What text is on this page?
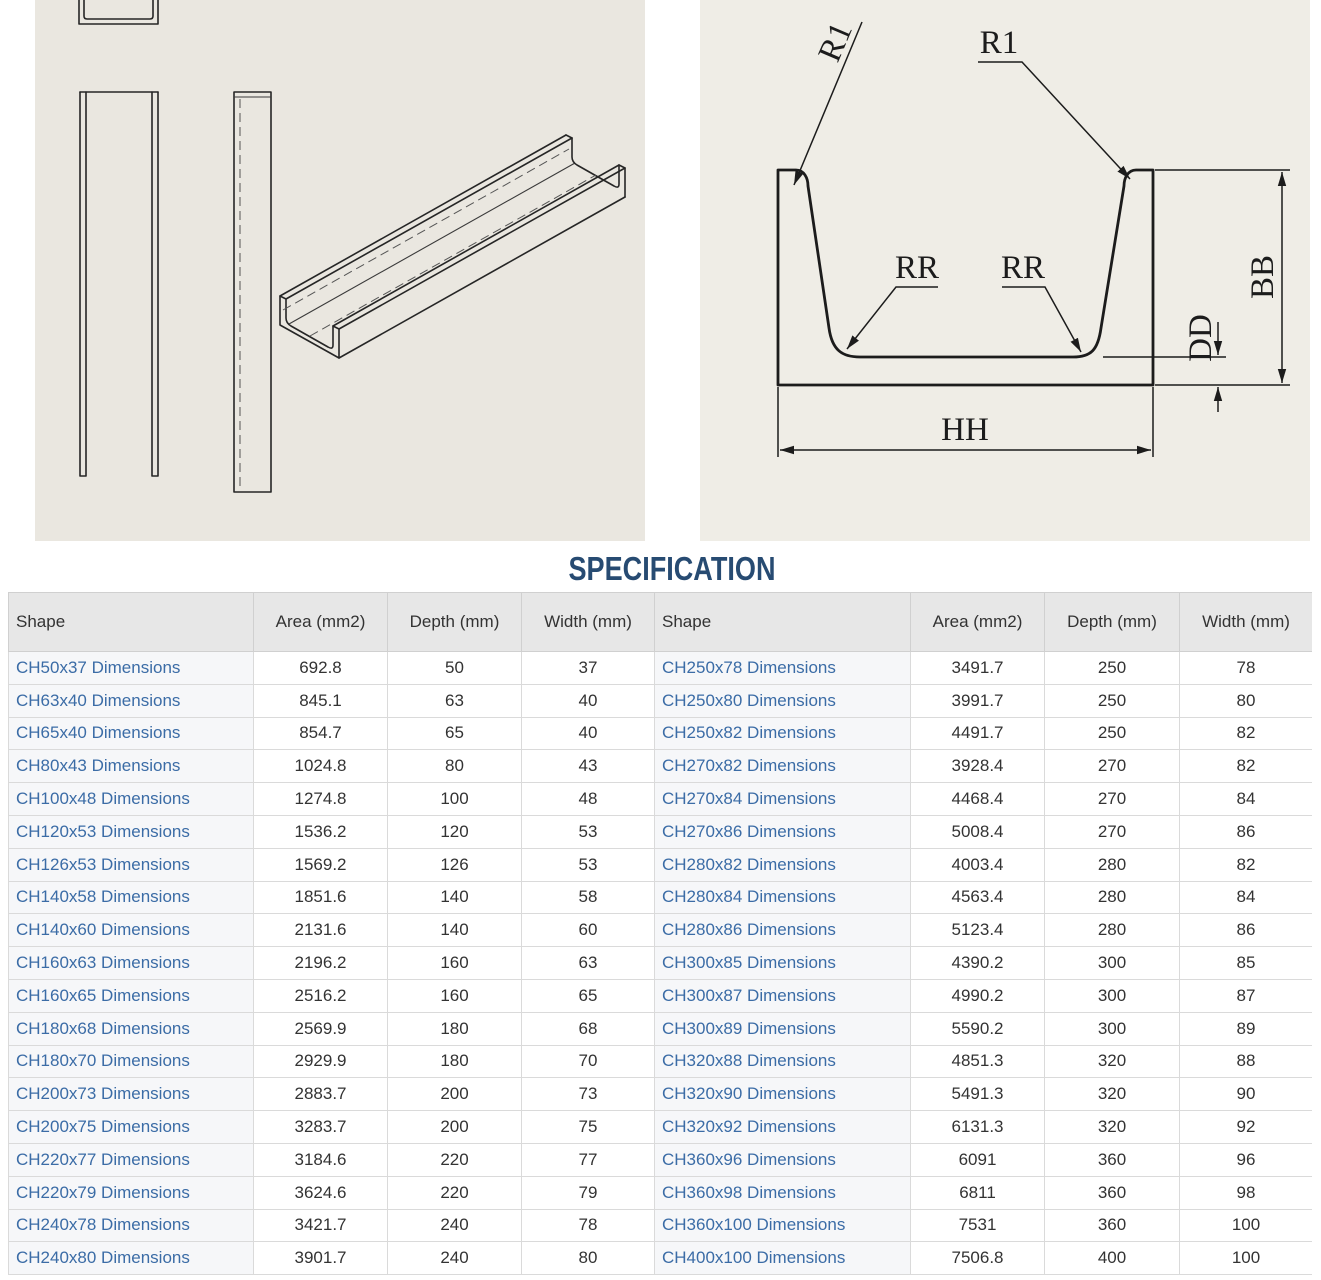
BB
DD
HH
R1	R1
RR RR
SPECIFICATION
Shape	Area (mm2)	Depth (mm)	Width (mm)	Shape	Area (mm2)	Depth (mm)	Width (mm)
CH50x37 Dimensions	692.8	50	37	CH250x78 Dimensions	3491.7	250	78
CH63x40 Dimensions	845.1	63	40	CH250x80 Dimensions	3991.7	250	80
CH65x40 Dimensions	854.7	65	40	CH250x82 Dimensions	4491.7	250	82
CH80x43 Dimensions	1024.8	80	43	CH270x82 Dimensions	3928.4	270	82
CH100x48 Dimensions	1274.8	100	48	CH270x84 Dimensions	4468.4	270	84
CH120x53 Dimensions	1536.2	120	53	CH270x86 Dimensions	5008.4	270	86
CH126x53 Dimensions	1569.2	126	53	CH280x82 Dimensions	4003.4	280	82
CH140x58 Dimensions	1851.6	140	58	CH280x84 Dimensions	4563.4	280	84
CH140x60 Dimensions	2131.6	140	60	CH280x86 Dimensions	5123.4	280	86
CH160x63 Dimensions	2196.2	160	63	CH300x85 Dimensions	4390.2	300	85
CH160x65 Dimensions	2516.2	160	65	CH300x87 Dimensions	4990.2	300	87
CH180x68 Dimensions	2569.9	180	68	CH300x89 Dimensions	5590.2	300	89
CH180x70 Dimensions	2929.9	180	70	CH320x88 Dimensions	4851.3	320	88
CH200x73 Dimensions	2883.7	200	73	CH320x90 Dimensions	5491.3	320	90
CH200x75 Dimensions	3283.7	200	75	CH320x92 Dimensions	6131.3	320	92
CH220x77 Dimensions	3184.6	220	77	CH360x96 Dimensions	6091	360	96
CH220x79 Dimensions	3624.6	220	79	CH360x98 Dimensions	6811	360	98
CH240x78 Dimensions	3421.7	240	78	CH360x100 Dimensions	7531	360	100
CH240x80 Dimensions	3901.7	240	80	CH400x100 Dimensions	7506.8	400	100
